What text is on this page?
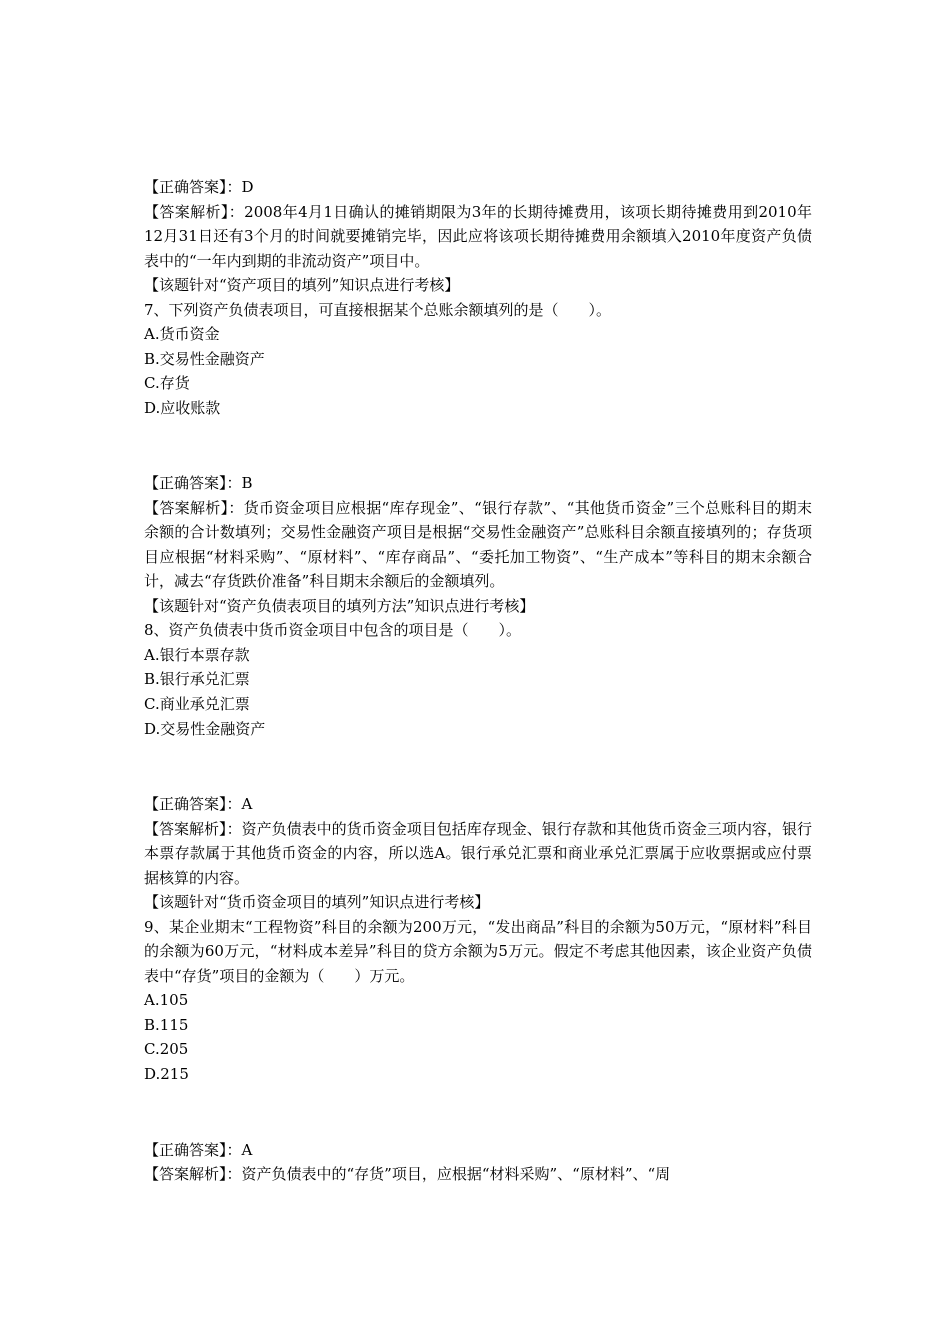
【正确答案】：D
【答案解析】：2008年4月1日确认的摊销期限为3年的长期待摊费用，该项长期待摊费用到2010年12月31日还有3个月的时间就要摊销完毕，因此应将该项长期待摊费用余额填入2010年度资产负债表中的“一年内到期的非流动资产”项目中。
【该题针对“资产项目的填列”知识点进行考核】
7、下列资产负债表项目，可直接根据某个总账余额填列的是（　　）。
A.货币资金
B.交易性金融资产
C.存货
D.应收账款
【正确答案】：B
【答案解析】：货币资金项目应根据“库存现金”、“银行存款”、“其他货币资金”三个总账科目的期末余额的合计数填列；交易性金融资产项目是根据“交易性金融资产”总账科目余额直接填列的；存货项目应根据“材料采购”、“原材料”、“库存商品”、“委托加工物资”、“生产成本”等科目的期末余额合计，减去“存货跌价准备”科目期末余额后的金额填列。
【该题针对“资产负债表项目的填列方法”知识点进行考核】
8、资产负债表中货币资金项目中包含的项目是（　　）。
A.银行本票存款
B.银行承兑汇票
C.商业承兑汇票
D.交易性金融资产
【正确答案】：A
【答案解析】：资产负债表中的货币资金项目包括库存现金、银行存款和其他货币资金三项内容，银行本票存款属于其他货币资金的内容，所以选A。银行承兑汇票和商业承兑汇票属于应收票据或应付票据核算的内容。
【该题针对“货币资金项目的填列”知识点进行考核】
9、某企业期末“工程物资”科目的余额为200万元，“发出商品”科目的余额为50万元，“原材料”科目的余额为60万元，“材料成本差异”科目的贷方余额为5万元。假定不考虑其他因素，该企业资产负债表中“存货”项目的金额为（　　）万元。
A.105
B.115
C.205
D.215
【正确答案】：A
【答案解析】：资产负债表中的“存货”项目，应根据“材料采购”、“原材料”、“周
